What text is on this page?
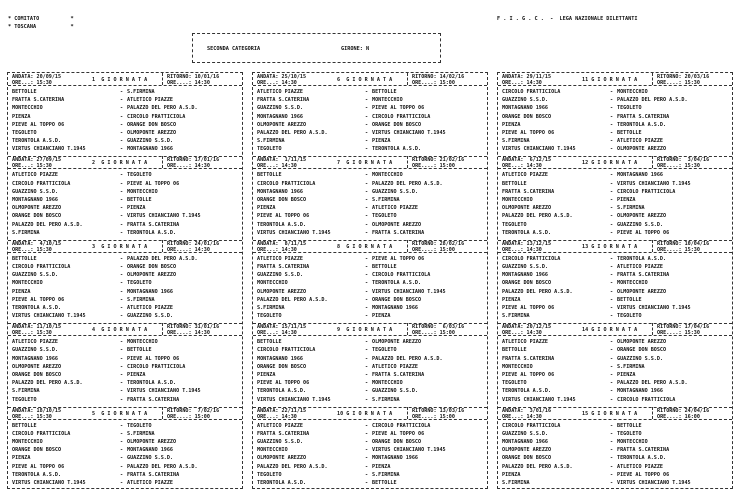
* COMITATO          *
* TOSCANA           *
F . I . G . C .  -  LEGA NAZIONALE DILETTANTI
SECONDA CATEGORIA	GIRONE: N
ANDATA: 20/09/15
ORE...: 15:30	1  G I O R N A T A	RITORNO: 10/01/16
ORE....: 14:30
BETTOLLE	- S.FIRMINA
FRATTA S.CATERINA	- ATLETICO PIAZZE
MONTECCHIO	- PALAZZO DEL PERO A.S.D.
PIENZA	- CIRCOLO FRATTICIOLA
PIEVE AL TOPPO 06	- ORANGE DON BOSCO
TEGOLETO	- OLMOPONTE AREZZO
TERONTOLA A.S.D.	- GUAZZINO S.S.D.
VIRTUS CHIANCIANO T.1945	- MONTAGNANO 1966
ANDATA: 27/09/15
ORE...: 15:30	2  G I O R N A T A	RITORNO: 17/01/16
ORE....: 14:30
ATLETICO PIAZZE	- TEGOLETO
CIRCOLO FRATTICIOLA	- PIEVE AL TOPPO 06
GUAZZINO S.S.D.	- MONTECCHIO
MONTAGNANO 1966	- BETTOLLE
OLMOPONTE AREZZO	- PIENZA
ORANGE DON BOSCO	- VIRTUS CHIANCIANO T.1945
PALAZZO DEL PERO A.S.D.	- FRATTA S.CATERINA
S.FIRMINA	- TERONTOLA A.S.D.
ANDATA:  4/10/15
ORE...: 15:30	3  G I O R N A T A	RITORNO: 24/01/16
ORE....: 14:30
BETTOLLE	- PALAZZO DEL PERO A.S.D.
CIRCOLO FRATTICIOLA	- ORANGE DON BOSCO
GUAZZINO S.S.D.	- OLMOPONTE AREZZO
MONTECCHIO	- TEGOLETO
PIENZA	- MONTAGNANO 1966
PIEVE AL TOPPO 06	- S.FIRMINA
TERONTOLA A.S.D.	- ATLETICO PIAZZE
VIRTUS CHIANCIANO T.1945	- GUAZZINO S.S.D.
ANDATA: 11/10/15
ORE...: 15:30	4  G I O R N A T A	RITORNO: 31/01/16
ORE....: 14:30
ATLETICO PIAZZE	- MONTECCHIO
GUAZZINO S.S.D.	- BETTOLLE
MONTAGNANO 1966	- PIEVE AL TOPPO 06
OLMOPONTE AREZZO	- CIRCOLO FRATTICIOLA
ORANGE DON BOSCO	- PIENZA
PALAZZO DEL PERO A.S.D.	- TERONTOLA A.S.D.
S.FIRMINA	- VIRTUS CHIANCIANO T.1945
TEGOLETO	- FRATTA S.CATERINA
ANDATA: 18/10/15
ORE...: 15:30	5  G I O R N A T A	RITORNO:  7/02/16
ORE....: 15:00
BETTOLLE	- TEGOLETO
CIRCOLO FRATTICIOLA	- S.FIRMINA
MONTECCHIO	- OLMOPONTE AREZZO
ORANGE DON BOSCO	- MONTAGNANO 1966
PIENZA	- GUAZZINO S.S.D.
PIEVE AL TOPPO 06	- PALAZZO DEL PERO A.S.D.
TERONTOLA A.S.D.	- FRATTA S.CATERINA
VIRTUS CHIANCIANO T.1945	- ATLETICO PIAZZE
ANDATA: 25/10/15
ORE...: 14:30	6  G I O R N A T A	RITORNO: 14/02/16
ORE....: 15:00
ATLETICO PIAZZE	- BETTOLLE
FRATTA S.CATERINA	- MONTECCHIO
GUAZZINO S.S.D.	- PIEVE AL TOPPO 06
MONTAGNANO 1966	- CIRCOLO FRATTICIOLA
OLMOPONTE AREZZO	- ORANGE DON BOSCO
PALAZZO DEL PERO A.S.D.	- VIRTUS CHIANCIANO T.1945
S.FIRMINA	- PIENZA
TEGOLETO	- TERONTOLA A.S.D.
ANDATA:  1/11/15
ORE...: 14:30	7  G I O R N A T A	RITORNO: 21/02/16
ORE....: 15:00
BETTOLLE	- MONTECCHIO
CIRCOLO FRATTICIOLA	- PALAZZO DEL PERO A.S.D.
MONTAGNANO 1966	- GUAZZINO S.S.D.
ORANGE DON BOSCO	- S.FIRMINA
PIENZA	- ATLETICO PIAZZE
PIEVE AL TOPPO 06	- TEGOLETO
TERONTOLA A.S.D.	- OLMOPONTE AREZZO
VIRTUS CHIANCIANO T.1945	- FRATTA S.CATERINA
ANDATA:  8/11/15
ORE...: 14:30	8  G I O R N A T A	RITORNO: 28/02/16
ORE....: 15:00
ATLETICO PIAZZE	- PIEVE AL TOPPO 06
FRATTA S.CATERINA	- BETTOLLE
GUAZZINO S.S.D.	- CIRCOLO FRATTICIOLA
MONTECCHIO	- TERONTOLA A.S.D.
OLMOPONTE AREZZO	- VIRTUS CHIANCIANO T.1945
PALAZZO DEL PERO A.S.D.	- ORANGE DON BOSCO
S.FIRMINA	- MONTAGNANO 1966
TEGOLETO	- PIENZA
ANDATA: 15/11/15
ORE...: 14:30	9  G I O R N A T A	RITORNO:  6/03/16
ORE....: 15:00
BETTOLLE	- OLMOPONTE AREZZO
CIRCOLO FRATTICIOLA	- TEGOLETO
MONTAGNANO 1966	- PALAZZO DEL PERO A.S.D.
ORANGE DON BOSCO	- ATLETICO PIAZZE
PIENZA	- FRATTA S.CATERINA
PIEVE AL TOPPO 06	- MONTECCHIO
TERONTOLA A.S.D.	- GUAZZINO S.S.D.
VIRTUS CHIANCIANO T.1945	- S.FIRMINA
ANDATA: 22/11/15
ORE...: 14:30	10 G I O R N A T A	RITORNO: 13/03/16
ORE....: 15:00
ATLETICO PIAZZE	- CIRCOLO FRATTICIOLA
FRATTA S.CATERINA	- PIEVE AL TOPPO 06
GUAZZINO S.S.D.	- ORANGE DON BOSCO
MONTECCHIO	- VIRTUS CHIANCIANO T.1945
OLMOPONTE AREZZO	- MONTAGNANO 1966
PALAZZO DEL PERO A.S.D.	- PIENZA
TEGOLETO	- S.FIRMINA
TERONTOLA A.S.D.	- BETTOLLE
ANDATA: 29/11/15
ORE...: 14:30	11 G I O R N A T A	RITORNO: 20/03/16
ORE....: 15:30
CIRCOLO FRATTICIOLA	- MONTECCHIO
GUAZZINO S.S.D.	- PALAZZO DEL PERO A.S.D.
MONTAGNANO 1966	- TEGOLETO
ORANGE DON BOSCO	- FRATTA S.CATERINA
PIENZA	- TERONTOLA A.S.D.
PIEVE AL TOPPO 06	- BETTOLLE
S.FIRMINA	- ATLETICO PIAZZE
VIRTUS CHIANCIANO T.1945	- OLMOPONTE AREZZO
ANDATA:  6/12/15
ORE...: 14:30	12 G I O R N A T A	RITORNO:  3/04/16
ORE....: 15:30
ATLETICO PIAZZE	- MONTAGNANO 1966
BETTOLLE	- VIRTUS CHIANCIANO T.1945
FRATTA S.CATERINA	- CIRCOLO FRATTICIOLA
MONTECCHIO	- PIENZA
OLMOPONTE AREZZO	- S.FIRMINA
PALAZZO DEL PERO A.S.D.	- OLMOPONTE AREZZO
TEGOLETO	- GUAZZINO S.S.D.
TERONTOLA A.S.D.	- PIEVE AL TOPPO 06
ANDATA: 13/12/15
ORE...: 14:30	13 G I O R N A T A	RITORNO: 10/04/16
ORE....: 15:30
CIRCOLO FRATTICIOLA	- TERONTOLA A.S.D.
GUAZZINO S.S.D.	- ATLETICO PIAZZE
MONTAGNANO 1966	- FRATTA S.CATERINA
ORANGE DON BOSCO	- MONTECCHIO
PALAZZO DEL PERO A.S.D.	- OLMOPONTE AREZZO
PIENZA	- BETTOLLE
PIEVE AL TOPPO 06	- VIRTUS CHIANCIANO T.1945
S.FIRMINA	- TEGOLETO
ANDATA: 20/12/15
ORE...: 14:30	14 G I O R N A T A	RITORNO: 17/04/16
ORE....: 15:30
ATLETICO PIAZZE	- OLMOPONTE AREZZO
BETTOLLE	- ORANGE DON BOSCO
FRATTA S.CATERINA	- GUAZZINO S.S.D.
MONTECCHIO	- S.FIRMINA
PIEVE AL TOPPO 06	- PIENZA
TEGOLETO	- PALAZZO DEL PERO A.S.D.
TERONTOLA A.S.D.	- MONTAGNANO 1966
VIRTUS CHIANCIANO T.1945	- CIRCOLO FRATTICIOLA
ANDATA:  3/01/16
ORE...: 14:30	15 G I O R N A T A	RITORNO: 24/04/16
ORE....: 16:00
CIRCOLO FRATTICIOLA	- BETTOLLE
GUAZZINO S.S.D.	- TEGOLETO
MONTAGNANO 1966	- MONTECCHIO
OLMOPONTE AREZZO	- FRATTA S.CATERINA
ORANGE DON BOSCO	- TERONTOLA A.S.D.
PALAZZO DEL PERO A.S.D.	- ATLETICO PIAZZE
PIENZA	- PIEVE AL TOPPO 06
S.FIRMINA	- VIRTUS CHIANCIANO T.1945
